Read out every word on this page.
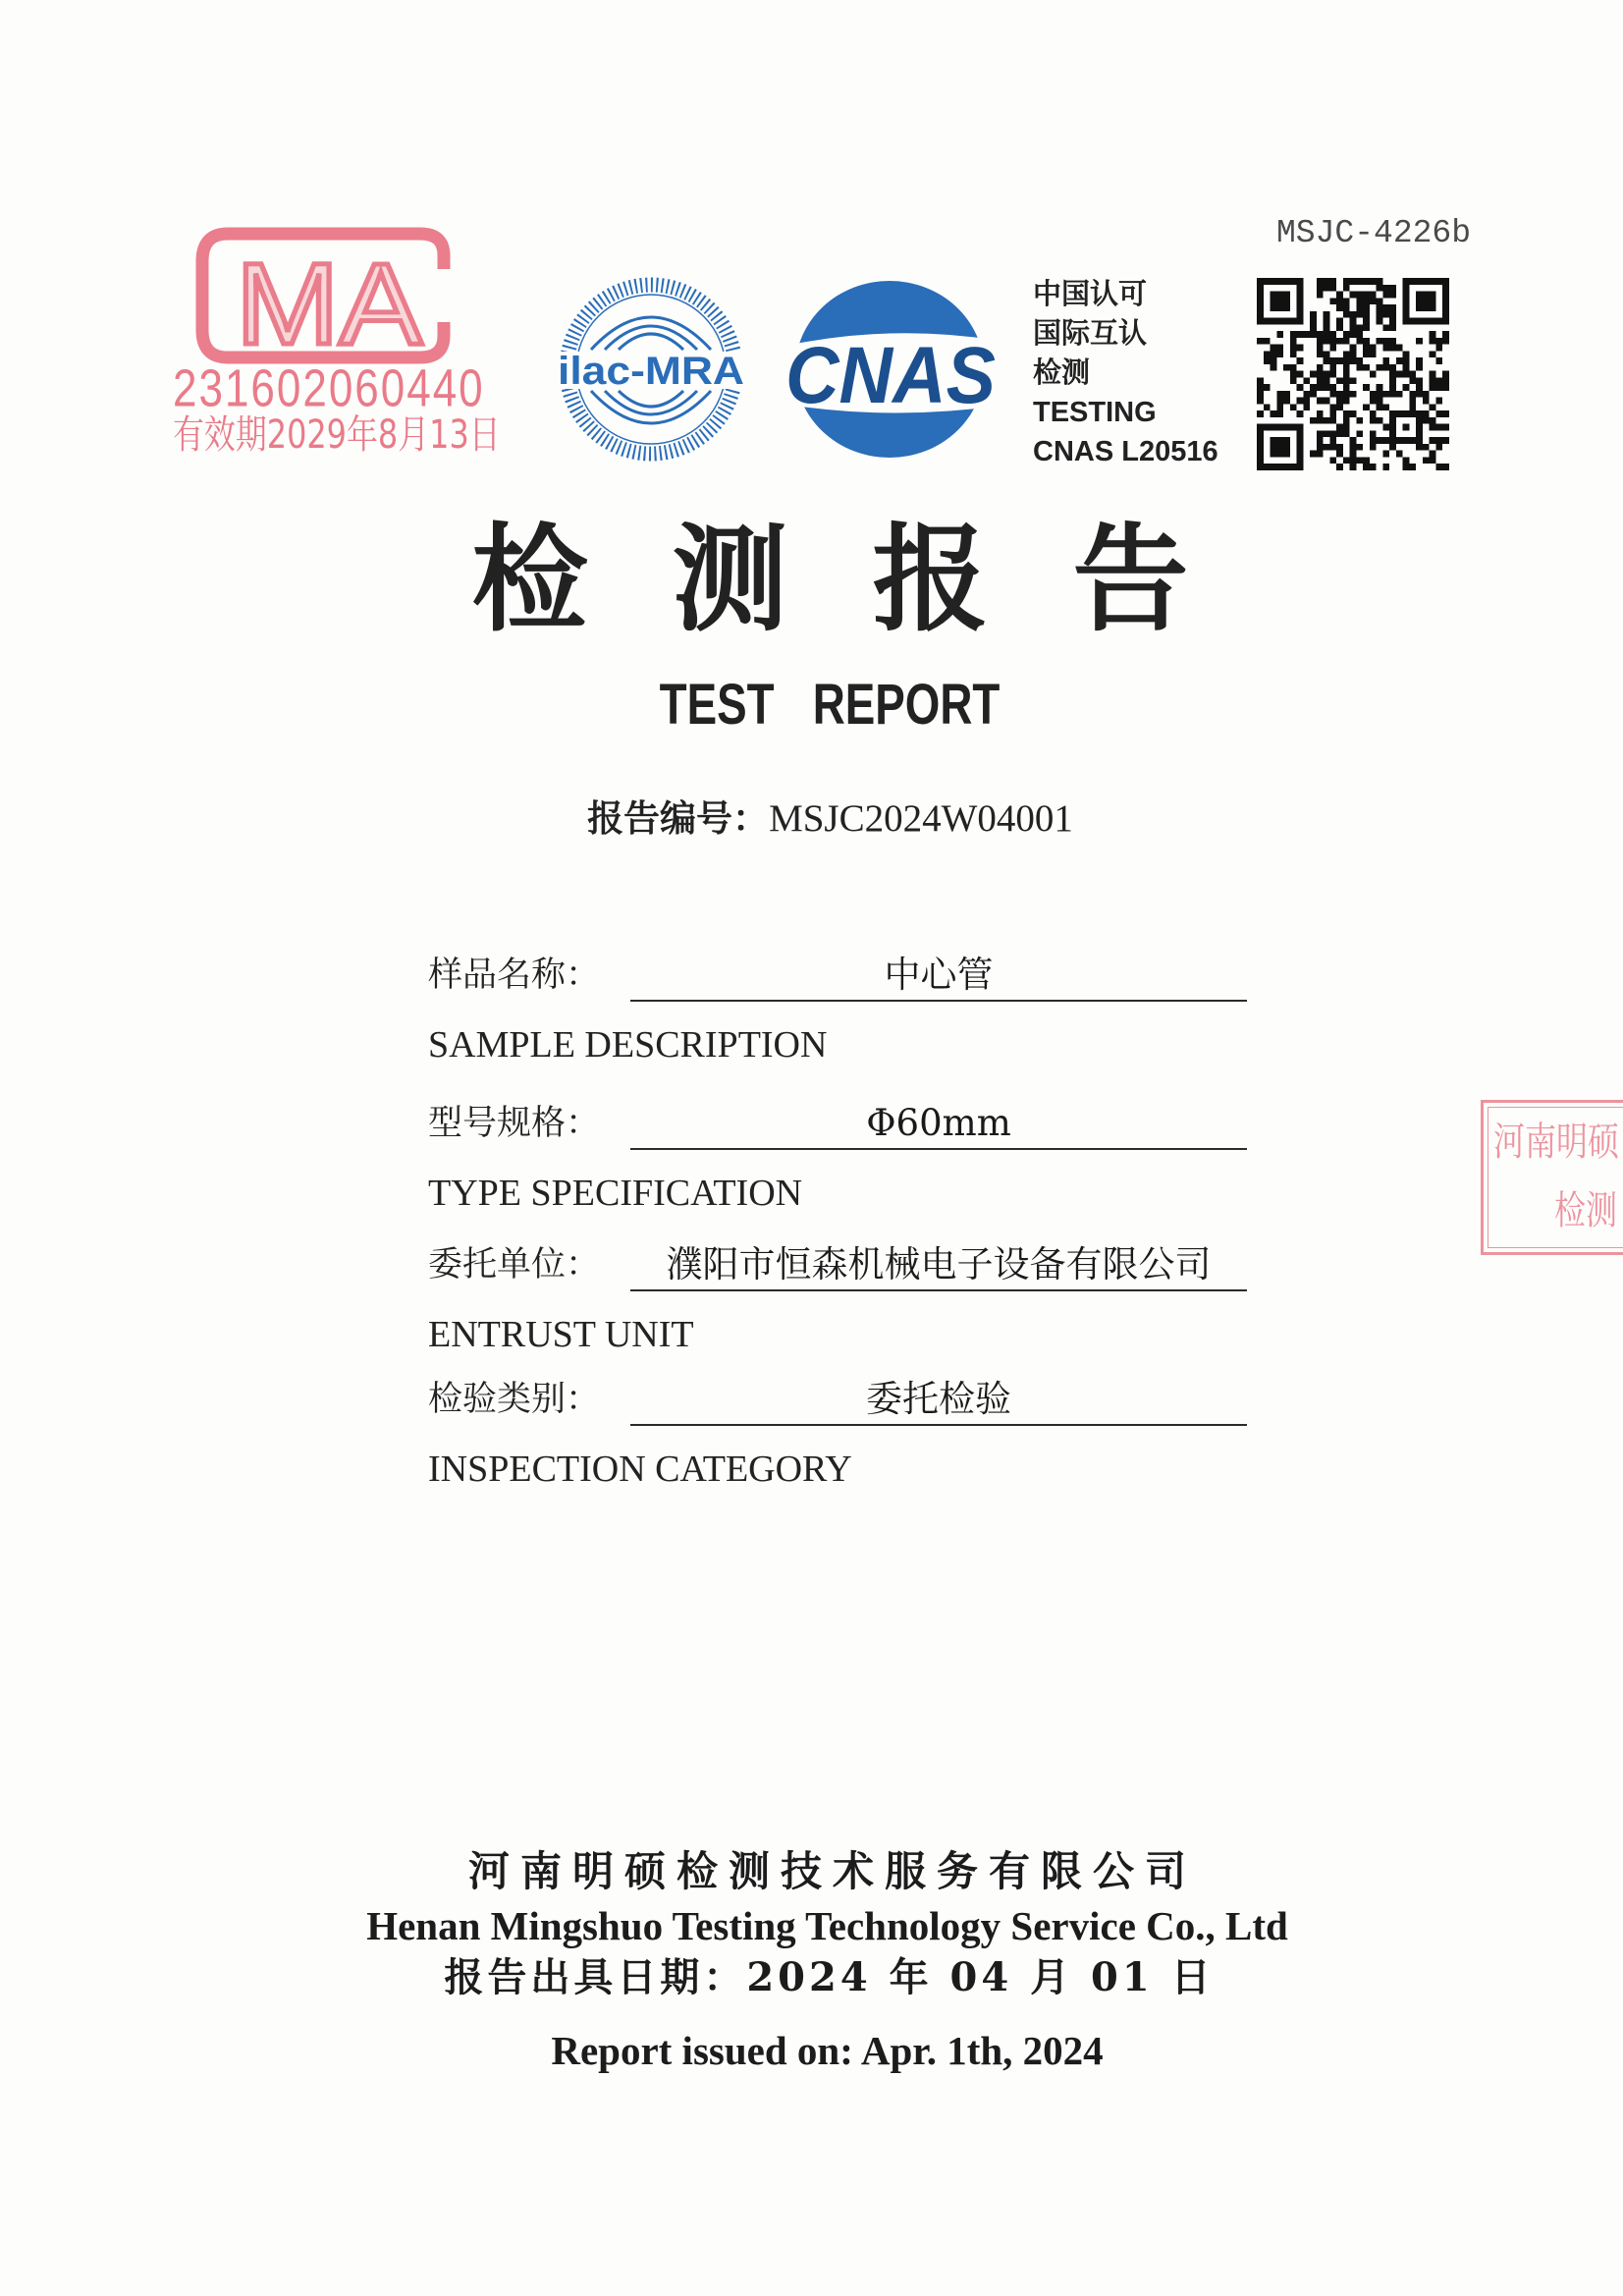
MSJC-4226b
MA
231602060440
有效期2029年8月13日
ilac-MRA CNAS
中国认可
国际互认
检测
TESTING
CNAS L20516
检测报告
TEST REPORT
报告编号：MSJC2024W04001
样品名称：	中心管
SAMPLE DESCRIPTION
型号规格：	Φ60mm
TYPE SPECIFICATION
委托单位：	濮阳市恒森机械电子设备有限公司
ENTRUST UNIT
检验类别：	委托检验
INSPECTION CATEGORY
河南明硕
检测
河南明硕检测技术服务有限公司
Henan Mingshuo Testing Technology Service Co., Ltd
报告出具日期：2024 年 04 月 01 日
Report issued on: Apr. 1th, 2024
